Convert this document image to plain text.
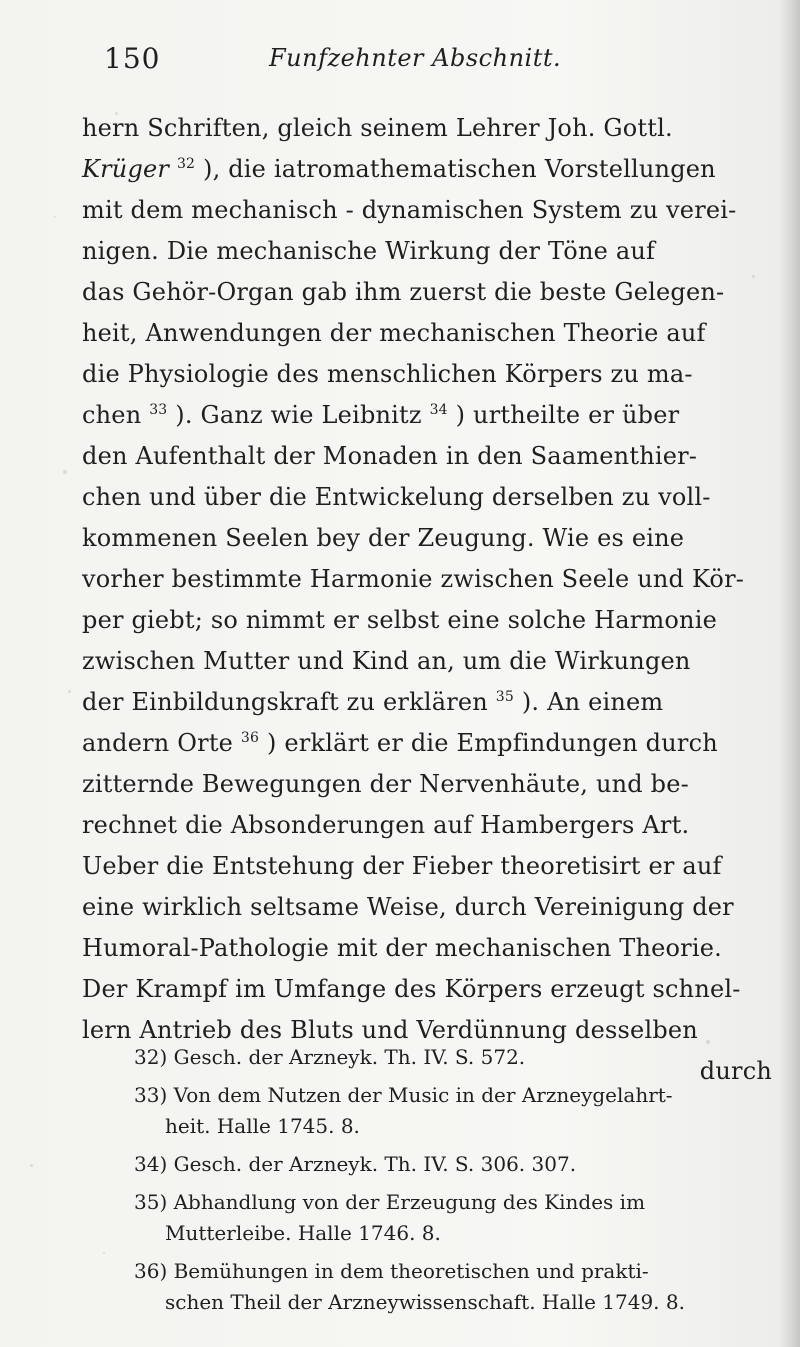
150	Funfzehnter Abschnitt.
hern Schriften, gleich seinem Lehrer Joh. Gottl.
Krüger $^{32}$ ), die iatromathematischen Vorstellungen
mit dem mechanisch - dynamischen System zu verei-
nigen. Die mechanische Wirkung der Töne auf
das Gehör-Organ gab ihm zuerst die beste Gelegen-
heit, Anwendungen der mechanischen Theorie auf
die Physiologie des menschlichen Körpers zu ma-
chen $^{33}$ ). Ganz wie Leibnitz $^{34}$ ) urtheilte er über
den Aufenthalt der Monaden in den Saamenthier-
chen und über die Entwickelung derselben zu voll-
kommenen Seelen bey der Zeugung. Wie es eine
vorher bestimmte Harmonie zwischen Seele und Kör-
per giebt; so nimmt er selbst eine solche Harmonie
zwischen Mutter und Kind an, um die Wirkungen
der Einbildungskraft zu erklären $^{35}$ ). An einem
andern Orte $^{36}$ ) erklärt er die Empfindungen durch
zitternde Bewegungen der Nervenhäute, und be-
rechnet die Absonderungen auf Hambergers Art.
Ueber die Entstehung der Fieber theoretisirt er auf
eine wirklich seltsame Weise, durch Vereinigung der
Humoral-Pathologie mit der mechanischen Theorie.
Der Krampf im Umfange des Körpers erzeugt schnel-
lern Antrieb des Bluts und Verdünnung desselben
durch
32) Gesch. der Arzneyk. Th. IV. S. 572.
33) Von dem Nutzen der Music in der Arzneygelahrt-
heit. Halle 1745. 8.
34) Gesch. der Arzneyk. Th. IV. S. 306. 307.
35) Abhandlung von der Erzeugung des Kindes im
Mutterleibe. Halle 1746. 8.
36) Bemühungen in dem theoretischen und prakti-
schen Theil der Arzneywissenschaft. Halle 1749. 8.
